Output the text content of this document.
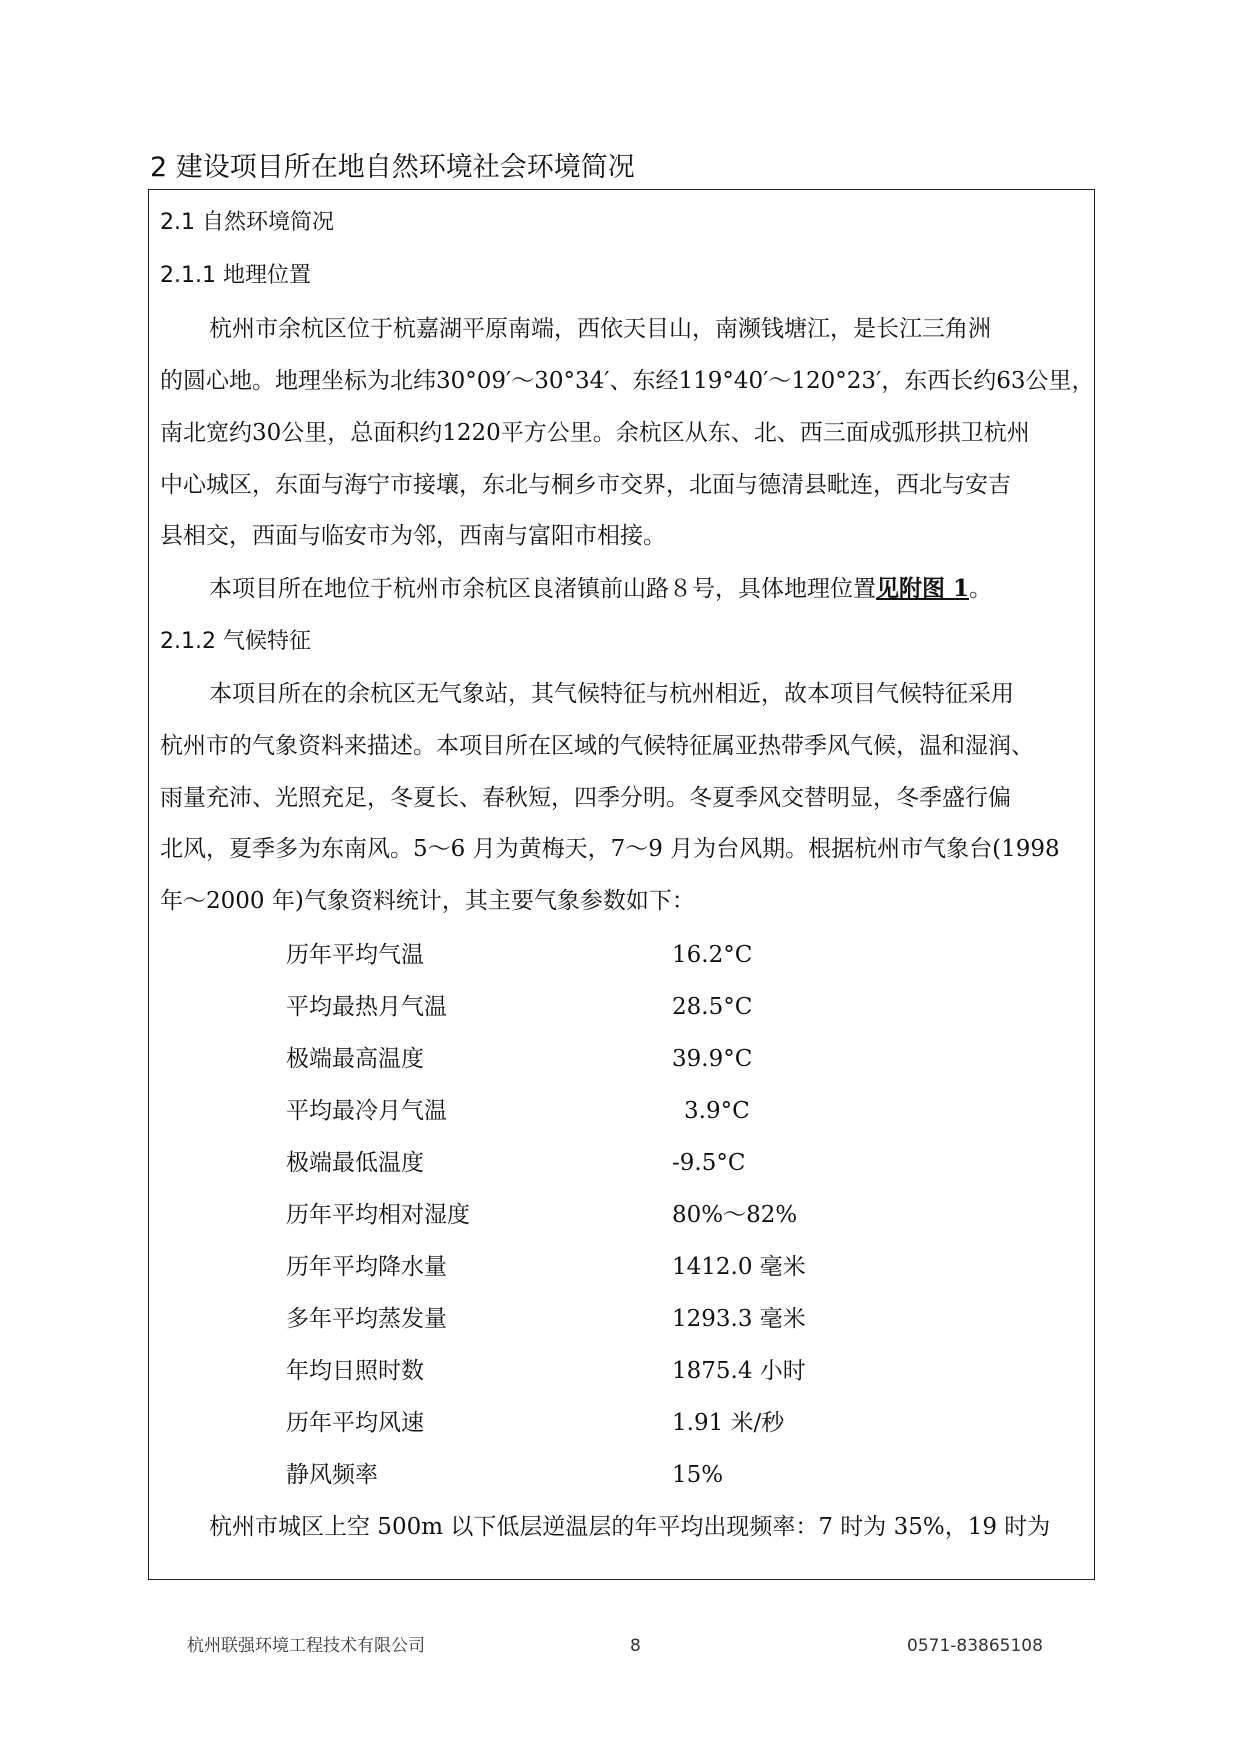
2 建设项目所在地自然环境社会环境简况
2.1 自然环境简况
2.1.1 地理位置
杭州市余杭区位于杭嘉湖平原南端，西依天目山，南濒钱塘江，是长江三角洲
的圆心地。地理坐标为北纬30°09′～30°34′、东经119°40′～120°23′，东西长约63公里，
南北宽约30公里，总面积约1220平方公里。余杭区从东、北、西三面成弧形拱卫杭州
中心城区，东面与海宁市接壤，东北与桐乡市交界，北面与德清县毗连，西北与安吉
县相交，西面与临安市为邻，西南与富阳市相接。
本项目所在地位于杭州市余杭区良渚镇前山路８号，具体地理位置见附图 1。
2.1.2 气候特征
本项目所在的余杭区无气象站，其气候特征与杭州相近，故本项目气候特征采用
杭州市的气象资料来描述。本项目所在区域的气候特征属亚热带季风气候，温和湿润、
雨量充沛、光照充足，冬夏长、春秋短，四季分明。冬夏季风交替明显，冬季盛行偏
北风，夏季多为东南风。5～6 月为黄梅天，7～9 月为台风期。根据杭州市气象台(1998
年～2000 年)气象资料统计，其主要气象参数如下：
历年平均气温	16.2°C
平均最热月气温	28.5°C
极端最高温度	39.9°C
平均最冷月气温	3.9°C
极端最低温度	-9.5°C
历年平均相对湿度	80%～82%
历年平均降水量	1412.0 毫米
多年平均蒸发量	1293.3 毫米
年均日照时数	1875.4 小时
历年平均风速	1.91 米/秒
静风频率	15%
杭州市城区上空 500m 以下低层逆温层的年平均出现频率：7 时为 35%，19 时为
杭州联强环境工程技术有限公司	8	0571-83865108
